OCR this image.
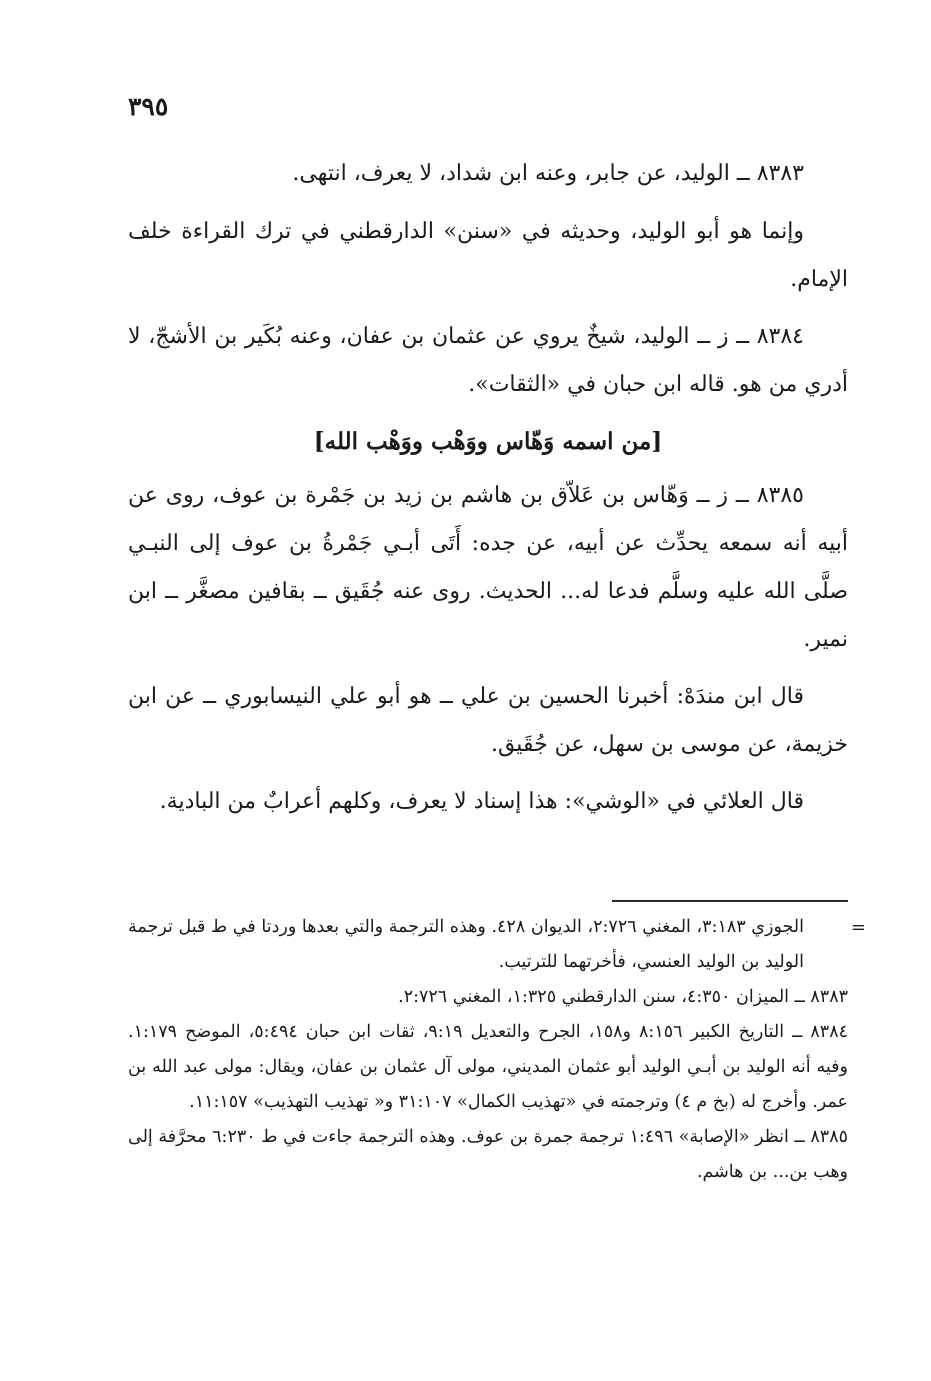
٣٩٥

٨٣٨٣ ــ الوليد، عن جابر، وعنه ابن شداد، لا يعرف، انتهى.

وإنما هو أبو الوليد، وحديثه في «سنن» الدارقطني في ترك القراءة خلف الإمام.

٨٣٨٤ ــ ز ــ الوليد، شيخٌ يروي عن عثمان بن عفان، وعنه بُكَير بن الأشجّ، لا أدري من هو. قاله ابن حبان في «الثقات».

[من اسمه وَهّاس ووَهْب ووَهْب الله]

٨٣٨٥ ــ ز ــ وَهّاس بن عَلاّق بن هاشم بن زيد بن جَمْرة بن عوف، روى عن أبيه أنه سمعه يحدِّث عن أبيه، عن جده: أَتَى أبـي جَمْرةُ بن عوف إلى النبـي صلَّى الله عليه وسلَّم فدعا له... الحديث. روى عنه جُقَيق ــ بقافين مصغَّر ــ ابن نمير.

قال ابن مندَهْ: أخبرنا الحسين بن علي ــ هو أبو علي النيسابوري ــ عن ابن خزيمة، عن موسى بن سهل، عن جُقَيق.

قال العلائي في «الوشي»: هذا إسناد لا يعرف، وكلهم أعرابٌ من البادية.

=

الجوزي ٣:١٨٣، المغني ٢:٧٢٦، الديوان ٤٢٨. وهذه الترجمة والتي بعدها وردتا في ط قبل ترجمة الوليد بن الوليد العنسي، فأخرتهما للترتيب.

٨٣٨٣ ــ الميزان ٤:٣٥٠، سنن الدارقطني ١:٣٢٥، المغني ٢:٧٢٦.

٨٣٨٤ ــ التاريخ الكبير ٨:١٥٦ و١٥٨، الجرح والتعديل ٩:١٩، ثقات ابن حبان ٥:٤٩٤، الموضح ١:١٧٩. وفيه أنه الوليد بن أبـي الوليد أبو عثمان المديني، مولى آل عثمان بن عفان، ويقال: مولى عبد الله بن عمر. وأخرج له (بخ م ٤) وترجمته في «تهذيب الكمال» ٣١:١٠٧ و« تهذيب التهذيب» ١١:١٥٧.

٨٣٨٥ ــ انظر «الإصابة» ١:٤٩٦ ترجمة جمرة بن عوف. وهذه الترجمة جاءت في ط ٦:٢٣٠ محرَّفة إلى وهب بن... بن هاشم.
